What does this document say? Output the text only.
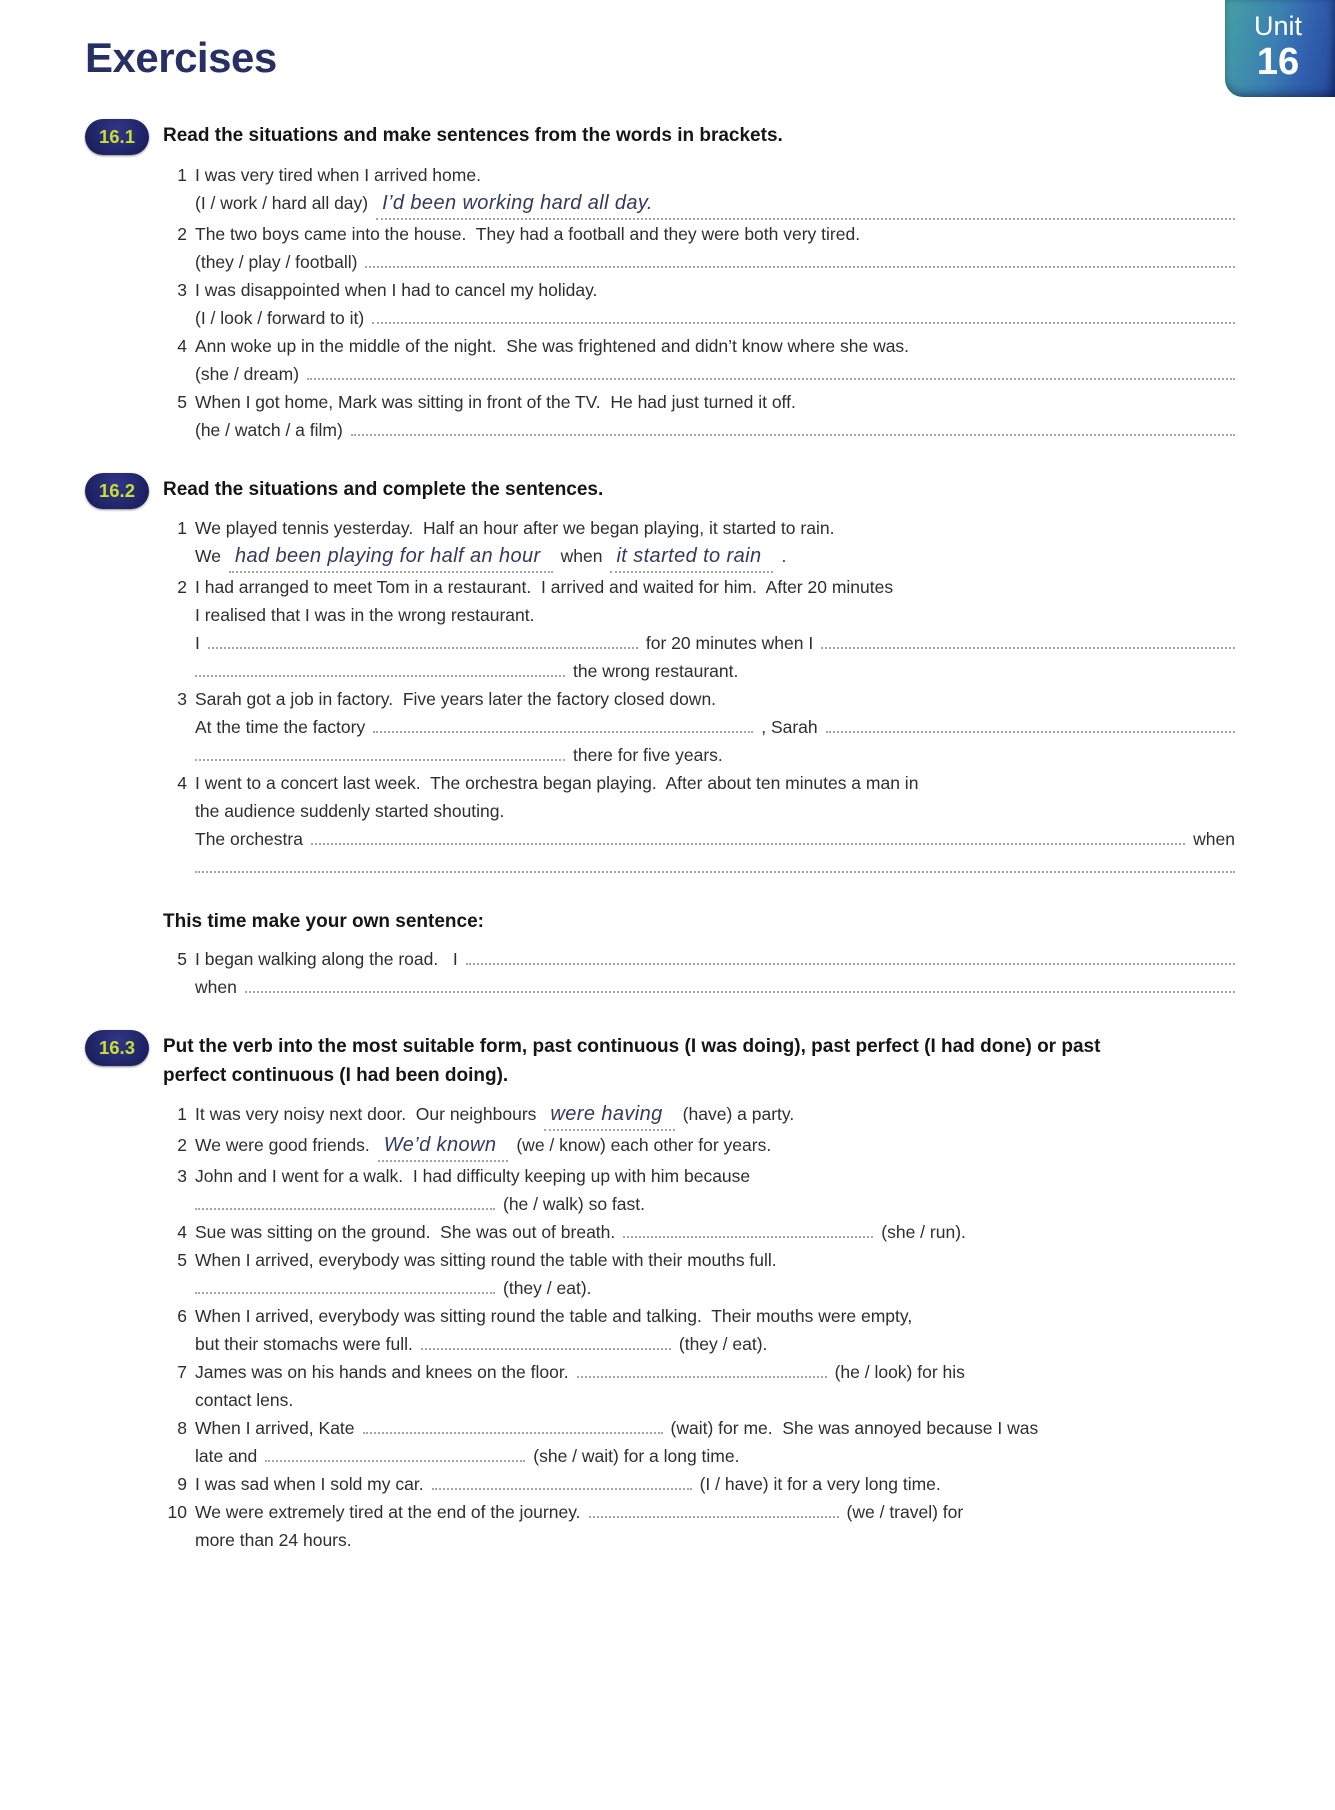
Unit
16
Exercises
16.1	Read the situations and make sentences from the words in brackets.
1 I was very tired when I arrived home.
(I / work / hard all day) I’d been working hard all day.
2 The two boys came into the house.  They had a football and they were both very tired.
(they / play / football)
3 I was disappointed when I had to cancel my holiday.
(I / look / forward to it)
4 Ann woke up in the middle of the night.  She was frightened and didn’t know where she was.
(she / dream)
5 When I got home, Mark was sitting in front of the TV.  He had just turned it off.
(he / watch / a film)
16.2	Read the situations and complete the sentences.
1 We played tennis yesterday.  Half an hour after we began playing, it started to rain.
We had been playing for half an hour	when it started to rain	.
2 I had arranged to meet Tom in a restaurant.  I arrived and waited for him.  After 20 minutes
I realised that I was in the wrong restaurant.
I	for 20 minutes when I
the wrong restaurant.
3 Sarah got a job in factory.  Five years later the factory closed down.
At the time the factory	, Sarah
there for five years.
4 I went to a concert last week.  The orchestra began playing.  After about ten minutes a man in
the audience suddenly started shouting.
The orchestra	when
This time make your own sentence:
5 I began walking along the road.   I
when
16.3	Put the verb into the most suitable form, past continuous (I was doing), past perfect (I had done) or past perfect continuous (I had been doing).
1 It was very noisy next door.  Our neighbours were having	(have) a party.
2 We were good friends. We’d known	(we / know) each other for years.
3 John and I went for a walk.  I had difficulty keeping up with him because
(he / walk) so fast.
4 Sue was sitting on the ground.  She was out of breath.	(she / run).
5 When I arrived, everybody was sitting round the table with their mouths full.
(they / eat).
6 When I arrived, everybody was sitting round the table and talking.  Their mouths were empty,
but their stomachs were full.	(they / eat).
7 James was on his hands and knees on the floor.	(he / look) for his
contact lens.
8 When I arrived, Kate	(wait) for me.  She was annoyed because I was
late and	(she / wait) for a long time.
9 I was sad when I sold my car.	(I / have) it for a very long time.
10 We were extremely tired at the end of the journey.	(we / travel) for
more than 24 hours.
